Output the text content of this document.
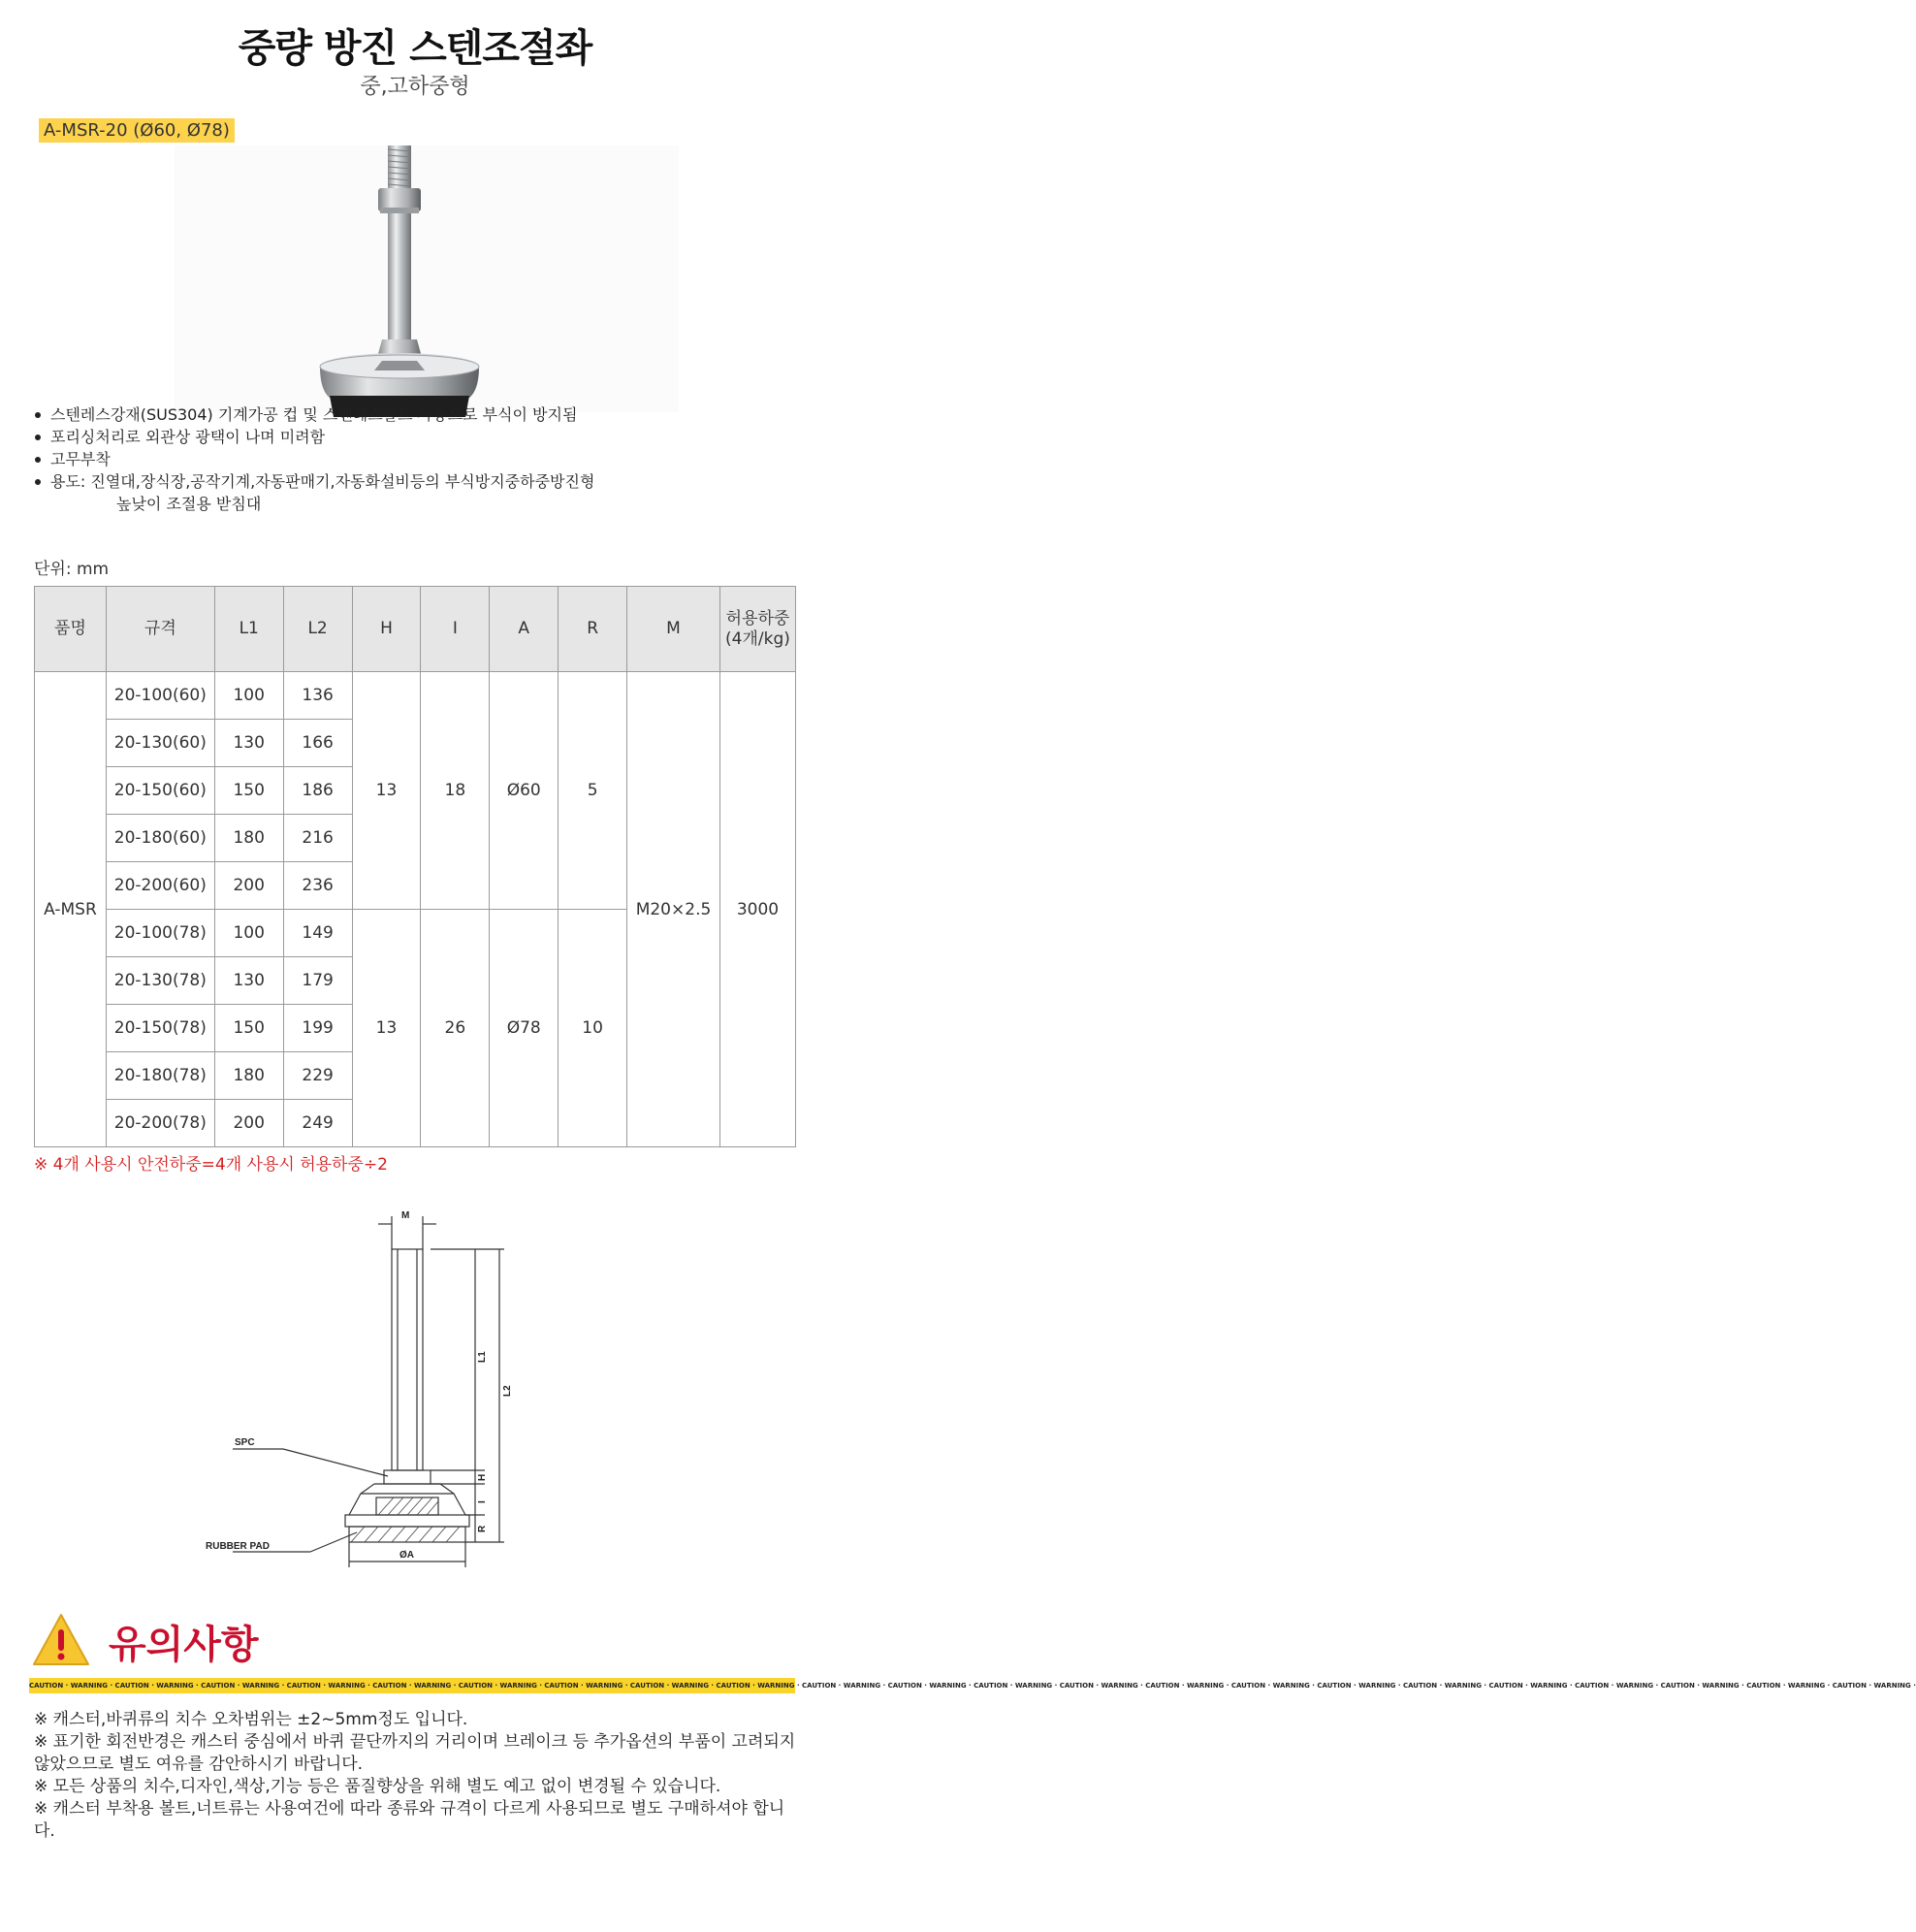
중량 방진 스텐조절좌
중,고하중형
A-MSR-20 (Ø60, Ø78)
스텐레스강재(SUS304) 기계가공 컵 및 스텐레스볼트 사용으로 부식이 방지됨
포리싱처리로 외관상 광택이 나며 미려함
고무부착
용도: 진열대,장식장,공작기계,자동판매기,자동화설비등의 부식방지중하중방진형
높낮이 조절용 받침대
단위: mm
품명	규격	L1	L2	H	I	A	R	M	허용하중
(4개/kg)
A-MSR	20-100(60)	100	136	13	18	Ø60	5	M20×2.5	3000
	20-130(60)	130	166						
	20-150(60)	150	186						
	20-180(60)	180	216						
	20-200(60)	200	236						
	20-100(78)	100	149	13	26	Ø78	10		
	20-130(78)	130	179						
	20-150(78)	150	199						
	20-180(78)	180	229						
	20-200(78)	200	249						
※ 4개 사용시 안전하중=4개 사용시 허용하중÷2
M
L1
L2
SPC
H
I
R
RUBBER PAD
ØA
유의사항
CAUTION · WARNING · CAUTION · WARNING · CAUTION · WARNING · CAUTION · WARNING · CAUTION · WARNING · CAUTION · WARNING · CAUTION · WARNING · CAUTION · WARNING · CAUTION · WARNING · CAUTION · WARNING · CAUTION · WARNING · CAUTION · WARNING · CAUTION · WARNING · CAUTION · WARNING · CAUTION · WARNING · CAUTION · WARNING · CAUTION · WARNING · CAUTION · WARNING · CAUTION · WARNING · CAUTION · WARNING · CAUTION · WARNING · CAUTION · WARNING ·

※ 캐스터,바퀴류의 치수 오차범위는 ±2~5mm정도 입니다.

※ 표기한 회전반경은 캐스터 중심에서 바퀴 끝단까지의 거리이며 브레이크 등 추가옵션의 부품이 고려되지 않았으므로 별도 여유를 감안하시기 바랍니다.

※ 모든 상품의 치수,디자인,색상,기능 등은 품질향상을 위해 별도 예고 없이 변경될 수 있습니다.

※ 캐스터 부착용 볼트,너트류는 사용여건에 따라 종류와 규격이 다르게 사용되므로 별도 구매하셔야 합니다.
